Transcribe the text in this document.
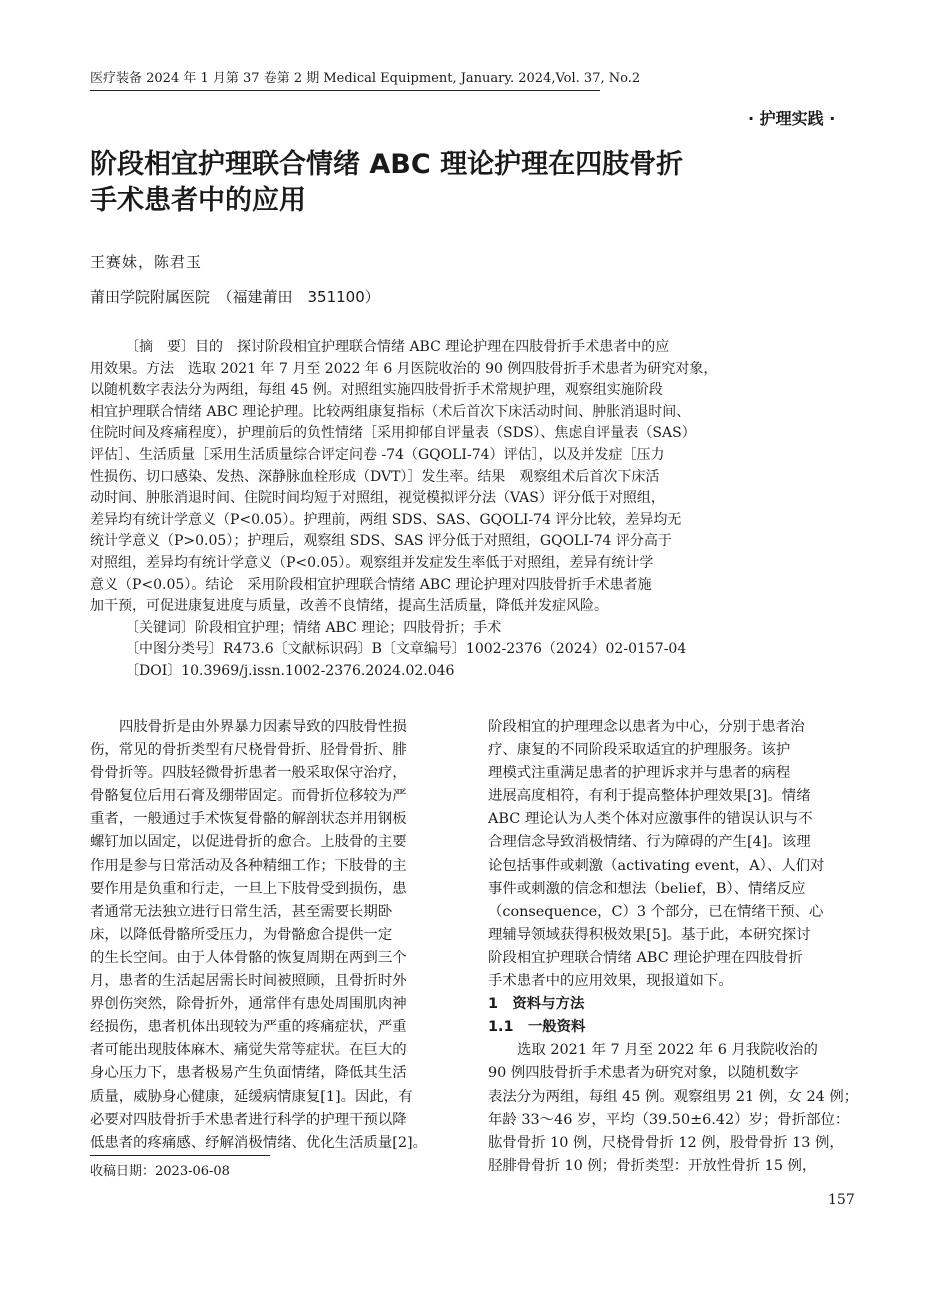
医疗装备 2024 年 1 月第 37 卷第 2 期 Medical Equipment, January. 2024,Vol. 37, No.2
· 护理实践 ·
阶段相宜护理联合情绪 ABC 理论护理在四肢骨折
手术患者中的应用
王赛妹，陈君玉
莆田学院附属医院　（福建莆田　351100）
〔摘　要〕目的　探讨阶段相宜护理联合情绪 ABC 理论护理在四肢骨折手术患者中的应
用效果。方法　选取 2021 年 7 月至 2022 年 6 月医院收治的 90 例四肢骨折手术患者为研究对象，
以随机数字表法分为两组，每组 45 例。对照组实施四肢骨折手术常规护理，观察组实施阶段
相宜护理联合情绪 ABC 理论护理。比较两组康复指标（术后首次下床活动时间、肿胀消退时间、
住院时间及疼痛程度），护理前后的负性情绪［采用抑郁自评量表（SDS）、焦虑自评量表（SAS）
评估］、生活质量［采用生活质量综合评定问卷 -74（GQOLI-74）评估］，以及并发症［压力
性损伤、切口感染、发热、深静脉血栓形成（DVT）］发生率。结果　观察组术后首次下床活
动时间、肿胀消退时间、住院时间均短于对照组，视觉模拟评分法（VAS）评分低于对照组，
差异均有统计学意义（P<0.05）。护理前，两组 SDS、SAS、GQOLI-74 评分比较，差异均无
统计学意义（P>0.05）；护理后，观察组 SDS、SAS 评分低于对照组，GQOLI-74 评分高于
对照组，差异均有统计学意义（P<0.05）。观察组并发症发生率低于对照组，差异有统计学
意义（P<0.05）。结论　采用阶段相宜护理联合情绪 ABC 理论护理对四肢骨折手术患者施
加干预，可促进康复进度与质量，改善不良情绪，提高生活质量，降低并发症风险。
〔关键词〕阶段相宜护理；情绪 ABC 理论；四肢骨折；手术
〔中图分类号〕R473.6〔文献标识码〕B〔文章编号〕1002-2376（2024）02-0157-04
〔DOI〕10.3969/j.issn.1002-2376.2024.02.046
四肢骨折是由外界暴力因素导致的四肢骨性损
伤，常见的骨折类型有尺桡骨骨折、胫骨骨折、腓
骨骨折等。四肢轻微骨折患者一般采取保守治疗，
骨骼复位后用石膏及绷带固定。而骨折位移较为严
重者，一般通过手术恢复骨骼的解剖状态并用钢板
螺钉加以固定，以促进骨折的愈合。上肢骨的主要
作用是参与日常活动及各种精细工作；下肢骨的主
要作用是负重和行走，一旦上下肢骨受到损伤，患
者通常无法独立进行日常生活，甚至需要长期卧
床，以降低骨骼所受压力，为骨骼愈合提供一定
的生长空间。由于人体骨骼的恢复周期在两到三个
月，患者的生活起居需长时间被照顾，且骨折时外
界创伤突然，除骨折外，通常伴有患处周围肌肉神
经损伤，患者机体出现较为严重的疼痛症状，严重
者可能出现肢体麻木、痛觉失常等症状。在巨大的
身心压力下，患者极易产生负面情绪，降低其生活
质量，威胁身心健康，延缓病情康复[1]。因此，有
必要对四肢骨折手术患者进行科学的护理干预以降
低患者的疼痛感、纾解消极情绪、优化生活质量[2]。
阶段相宜的护理理念以患者为中心，分别于患者治
疗、康复的不同阶段采取适宜的护理服务。该护
理模式注重满足患者的护理诉求并与患者的病程
进展高度相符，有利于提高整体护理效果[3]。情绪
ABC 理论认为人类个体对应激事件的错误认识与不
合理信念导致消极情绪、行为障碍的产生[4]。该理
论包括事件或刺激（activating event，A）、人们对
事件或刺激的信念和想法（belief，B）、情绪反应
（consequence，C）3 个部分，已在情绪干预、心
理辅导领域获得积极效果[5]。基于此，本研究探讨
阶段相宜护理联合情绪 ABC 理论护理在四肢骨折
手术患者中的应用效果，现报道如下。
1　资料与方法
1.1　一般资料
选取 2021 年 7 月至 2022 年 6 月我院收治的
90 例四肢骨折手术患者为研究对象，以随机数字
表法分为两组，每组 45 例。观察组男 21 例，女 24 例；
年龄 33～46 岁，平均（39.50±6.42）岁；骨折部位：
肱骨骨折 10 例，尺桡骨骨折 12 例，股骨骨折 13 例，
胫腓骨骨折 10 例；骨折类型：开放性骨折 15 例，
收稿日期：2023-06-08
157
